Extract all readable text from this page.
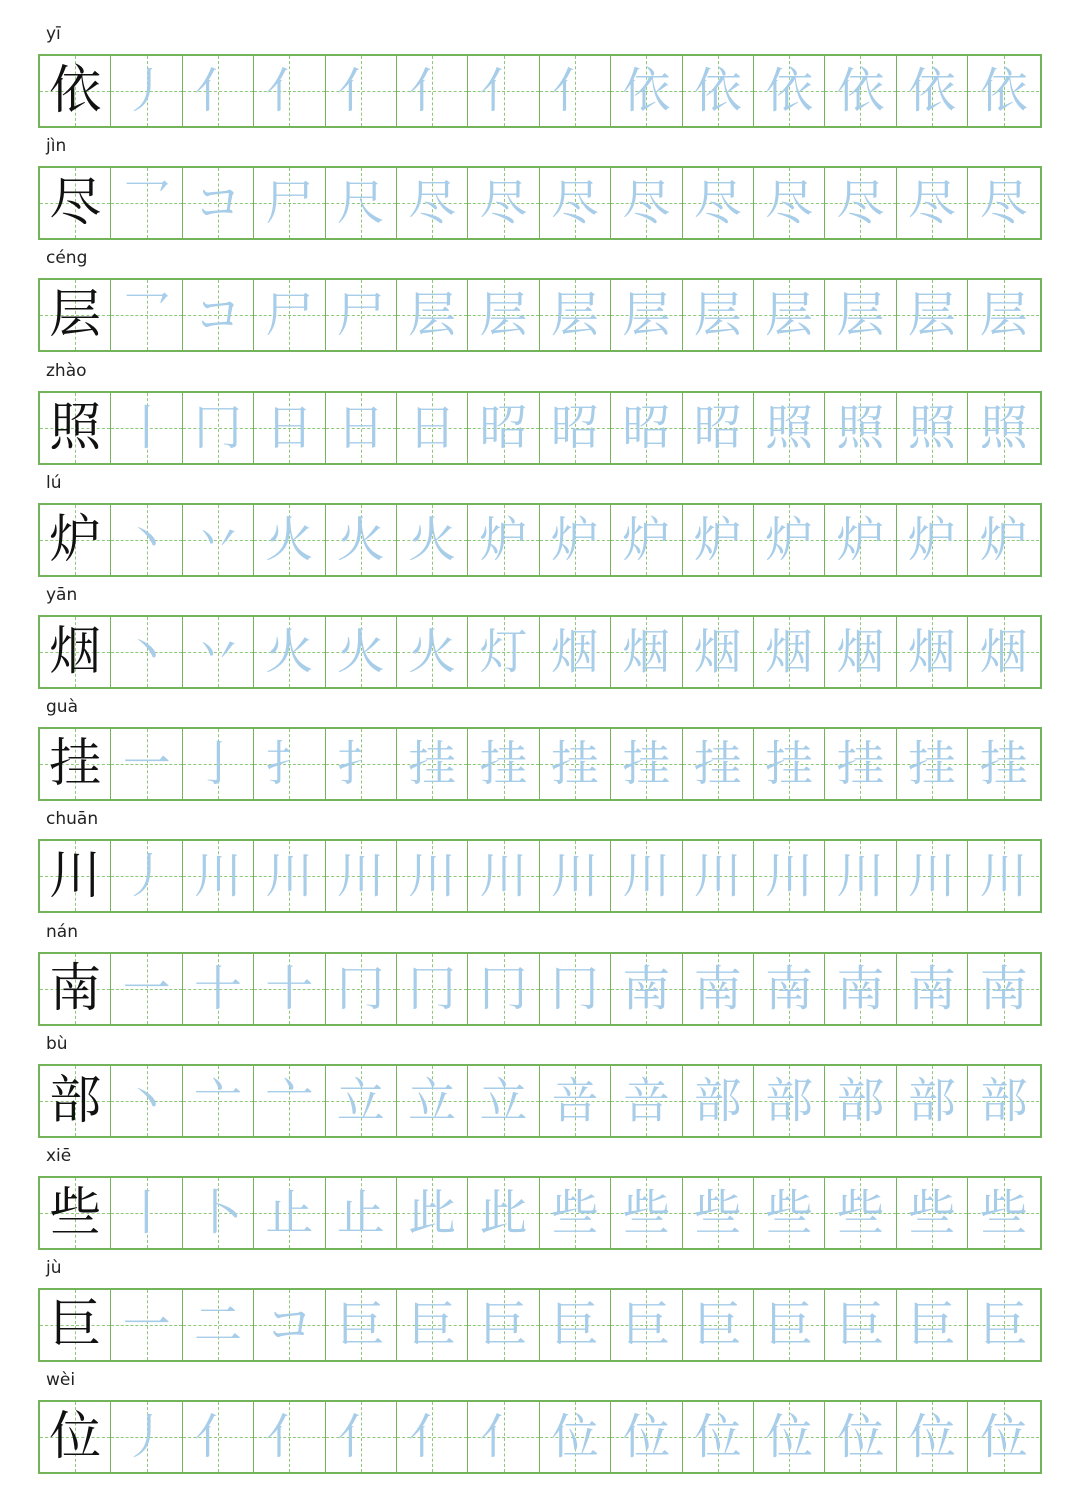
yī
依 丿 亻 亻 亻 亻 亻 亻 依 依 依 依 依 依
jìn
尽 乛 コ 尸 尺 尽 尽 尽 尽 尽 尽 尽 尽 尽
céng
层 乛 コ 尸 尸 层 层 层 层 层 层 层 层 层
zhào
照 丨 冂 日 日 日 昭 昭 昭 昭 照 照 照 照
lú
炉 丶 丷 火 火 火 炉 炉 炉 炉 炉 炉 炉 炉
yān
烟 丶 丷 火 火 火 灯 烟 烟 烟 烟 烟 烟 烟
guà
挂 一 亅 扌 扌 挂 挂 挂 挂 挂 挂 挂 挂 挂
chuān
川 丿 川 川 川 川 川 川 川 川 川 川 川 川
nán
南 一 十 十 冂 冂 冂 冂 南 南 南 南 南 南
bù
部 丶 亠 亠 立 立 立 咅 咅 部 部 部 部 部
xiē
些 丨 卜 止 止 此 此 些 些 些 些 些 些 些
jù
巨 一 二 コ 巨 巨 巨 巨 巨 巨 巨 巨 巨 巨
wèi
位 丿 亻 亻 亻 亻 亻 位 位 位 位 位 位 位
